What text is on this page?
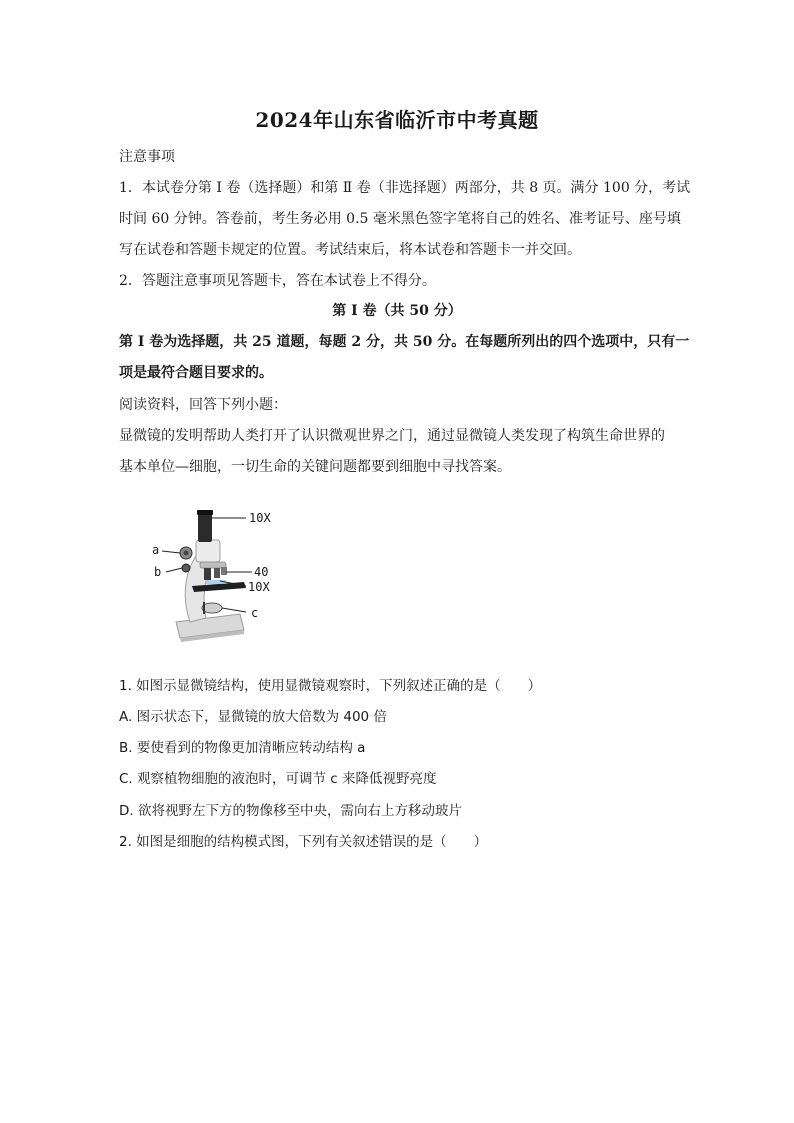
2024年山东省临沂市中考真题
注意事项
1．本试卷分第 I 卷（选择题）和第 Ⅱ 卷（非选择题）两部分，共 8 页。满分 100 分，考试
时间 60 分钟。答卷前，考生务必用 0.5 毫米黑色签字笔将自己的姓名、准考证号、座号填
写在试卷和答题卡规定的位置。考试结束后，将本试卷和答题卡一并交回。
2．答题注意事项见答题卡，答在本试卷上不得分。
第 I 卷（共 50 分）
第 I 卷为选择题，共 25 道题，每题 2 分，共 50 分。在每题所列出的四个选项中，只有一
项是最符合题目要求的。
阅读资料，回答下列小题：
显微镜的发明帮助人类打开了认识微观世界之门，通过显微镜人类发现了构筑生命世界的
基本单位—细胞，一切生命的关键问题都要到细胞中寻找答案。
10X
a
b	40
10X
c
1. 如图示显微镜结构，使用显微镜观察时，下列叙述正确的是（　　）
A. 图示状态下，显微镜的放大倍数为 400 倍
B. 要使看到的物像更加清晰应转动结构 a
C. 观察植物细胞的液泡时，可调节 c 来降低视野亮度
D. 欲将视野左下方的物像移至中央，需向右上方移动玻片
2. 如图是细胞的结构模式图，下列有关叙述错误的是（　　）
